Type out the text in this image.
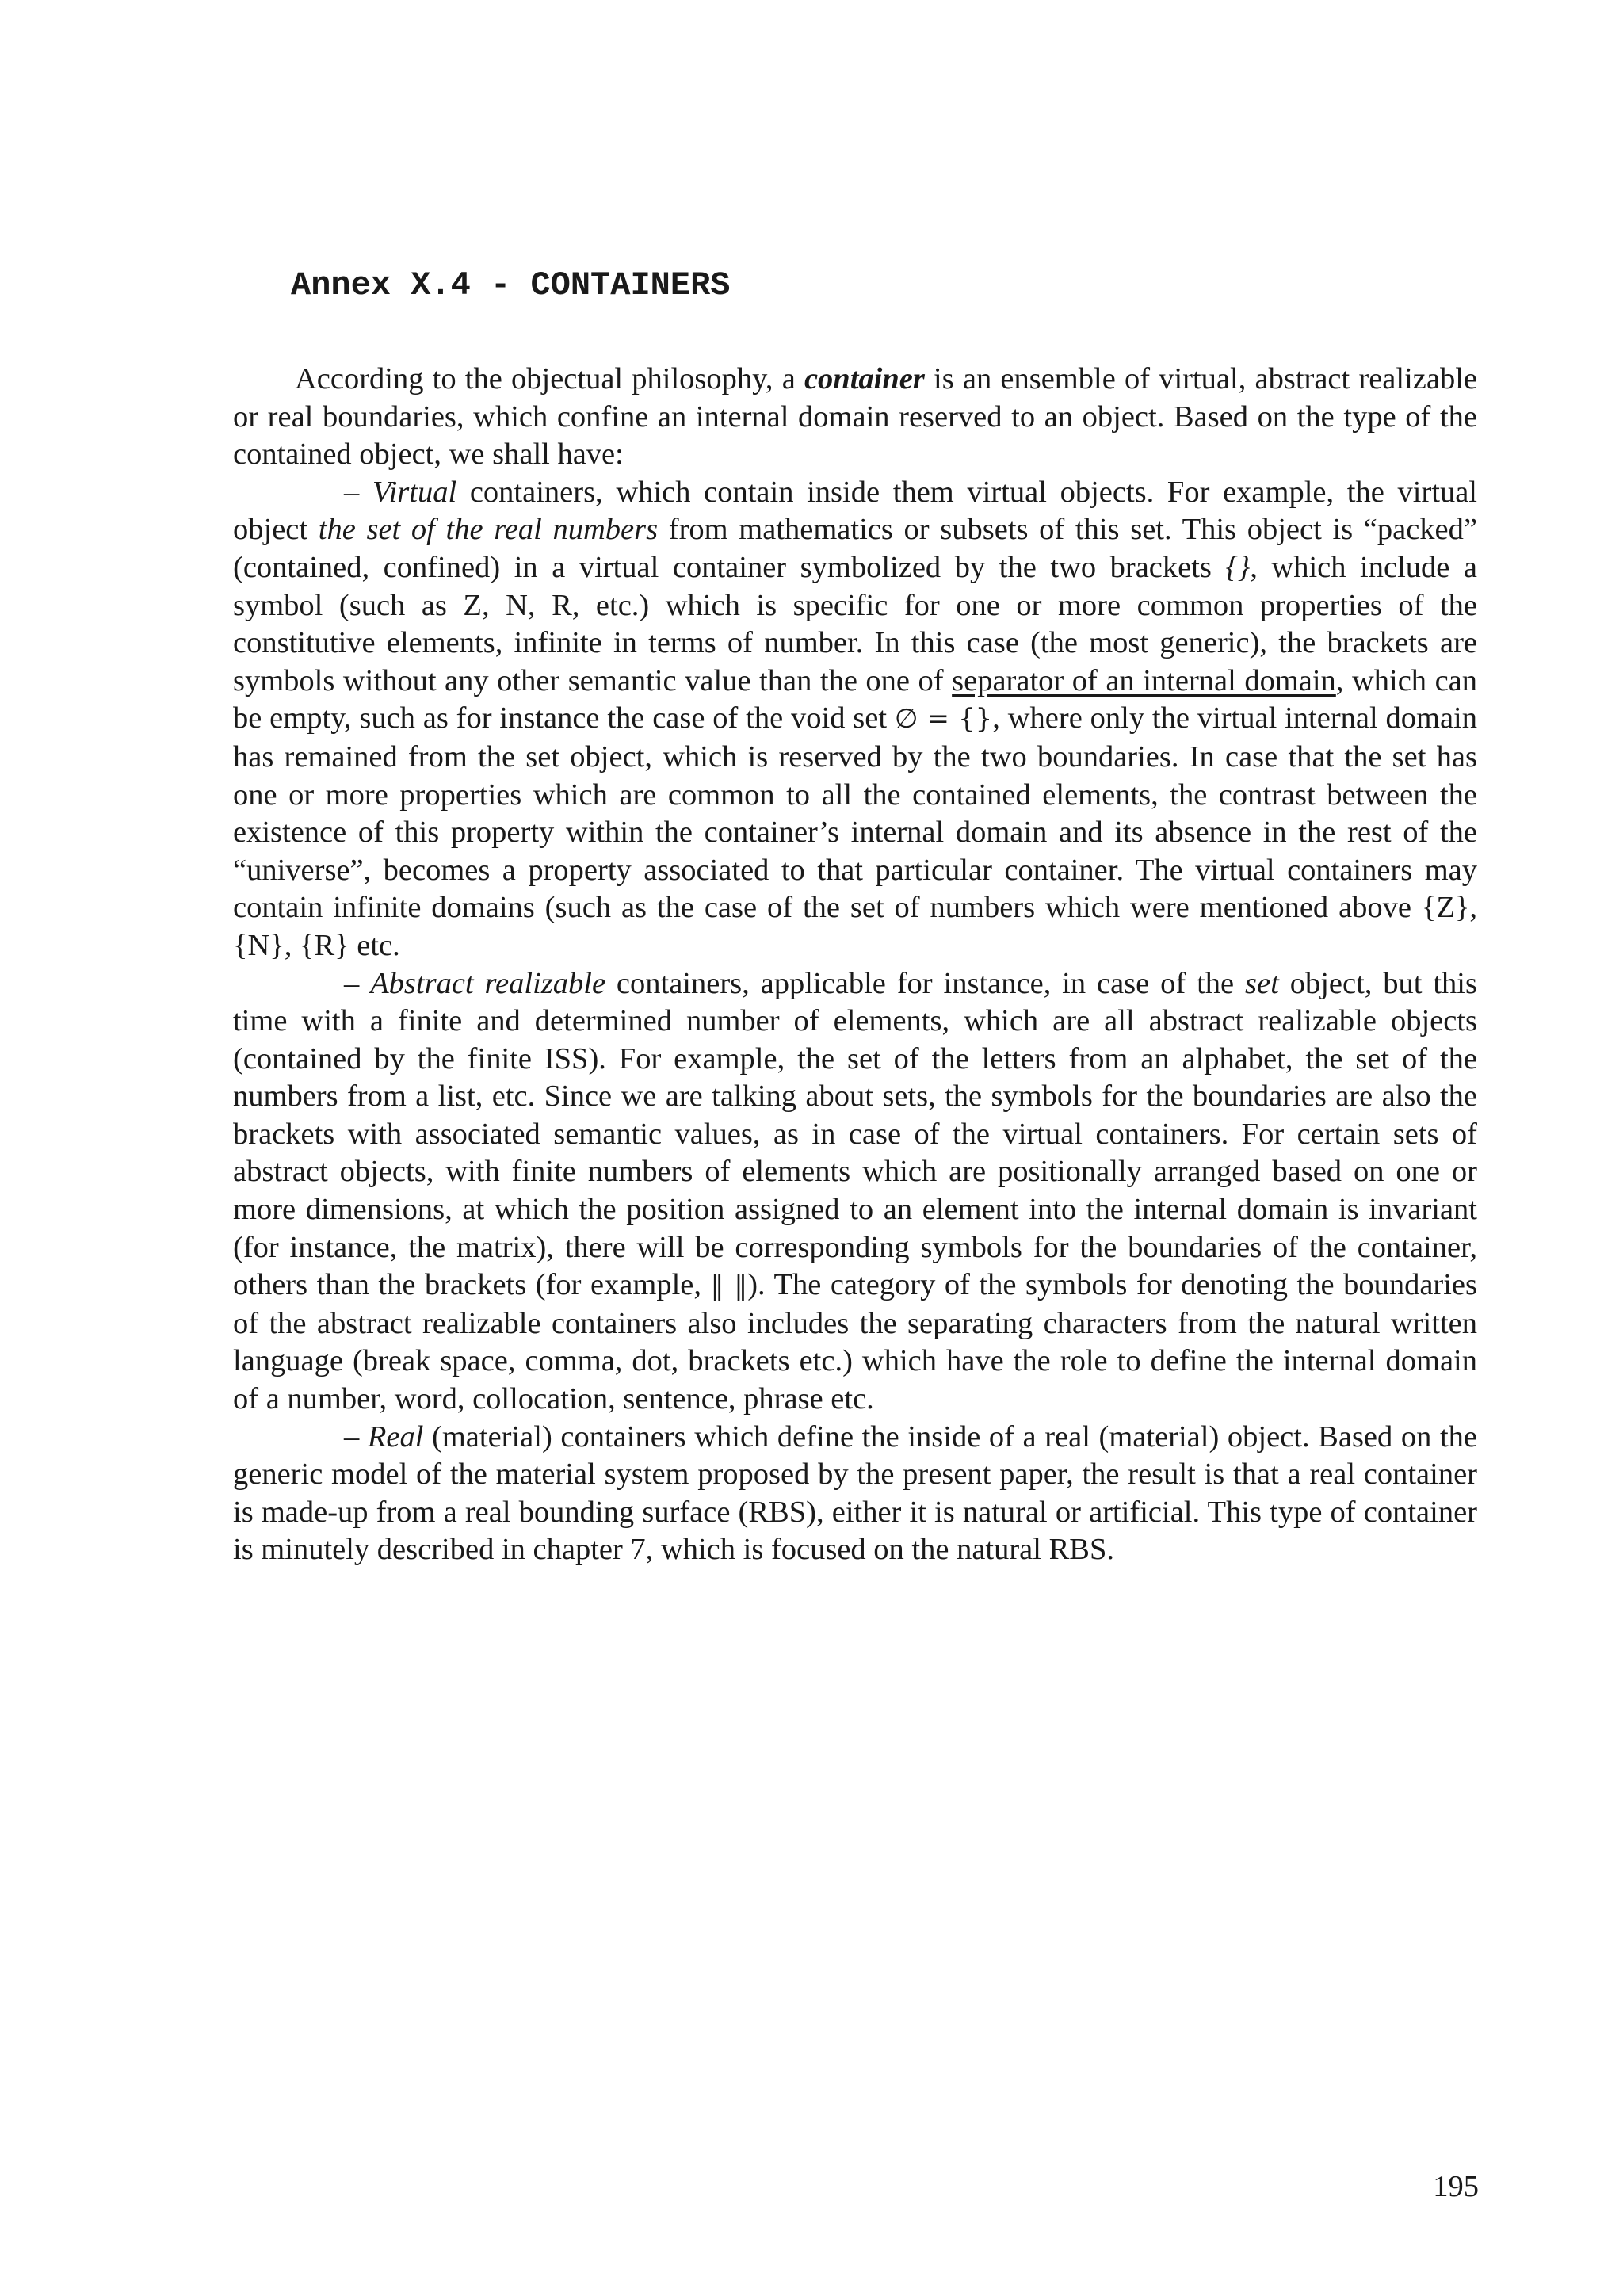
Annex X.4 - CONTAINERS

According to the objectual philosophy, a container is an ensemble of virtual, abstract realizable or real boundaries, which confine an internal domain reserved to an object. Based on the type of the contained object, we shall have:

– Virtual containers, which contain inside them virtual objects. For example, the virtual object the set of the real numbers from mathematics or subsets of this set. This object is “packed” (contained, confined) in a virtual container symbolized by the two brackets {}, which include a symbol (such as Z, N, R, etc.) which is specific for one or more common properties of the constitutive elements, infinite in terms of number. In this case (the most generic), the brackets are symbols without any other semantic value than the one of separator of an internal domain, which can be empty, such as for instance the case of the void set ∅ = {}, where only the virtual internal domain has remained from the set object, which is reserved by the two boundaries. In case that the set has one or more properties which are common to all the contained elements, the contrast between the existence of this property within the container’s internal domain and its absence in the rest of the “universe”, becomes a property associated to that particular container. The virtual containers may contain infinite domains (such as the case of the set of numbers which were mentioned above {Z}, {N}, {R} etc.

– Abstract realizable containers, applicable for instance, in case of the set object, but this time with a finite and determined number of elements, which are all abstract realizable objects (contained by the finite ISS). For example, the set of the letters from an alphabet, the set of the numbers from a list, etc. Since we are talking about sets, the symbols for the boundaries are also the brackets with associated semantic values, as in case of the virtual containers. For certain sets of abstract objects, with finite numbers of elements which are positionally arranged based on one or more dimensions, at which the position assigned to an element into the internal domain is invariant (for instance, the matrix), there will be corresponding symbols for the boundaries of the container, others than the brackets (for example, ‖ ‖). The category of the symbols for denoting the boundaries of the abstract realizable containers also includes the separating characters from the natural written language (break space, comma, dot, brackets etc.) which have the role to define the internal domain of a number, word, collocation, sentence, phrase etc.

– Real (material) containers which define the inside of a real (material) object. Based on the generic model of the material system proposed by the present paper, the result is that a real container is made-up from a real bounding surface (RBS), either it is natural or artificial. This type of container is minutely described in chapter 7, which is focused on the natural RBS.

195
